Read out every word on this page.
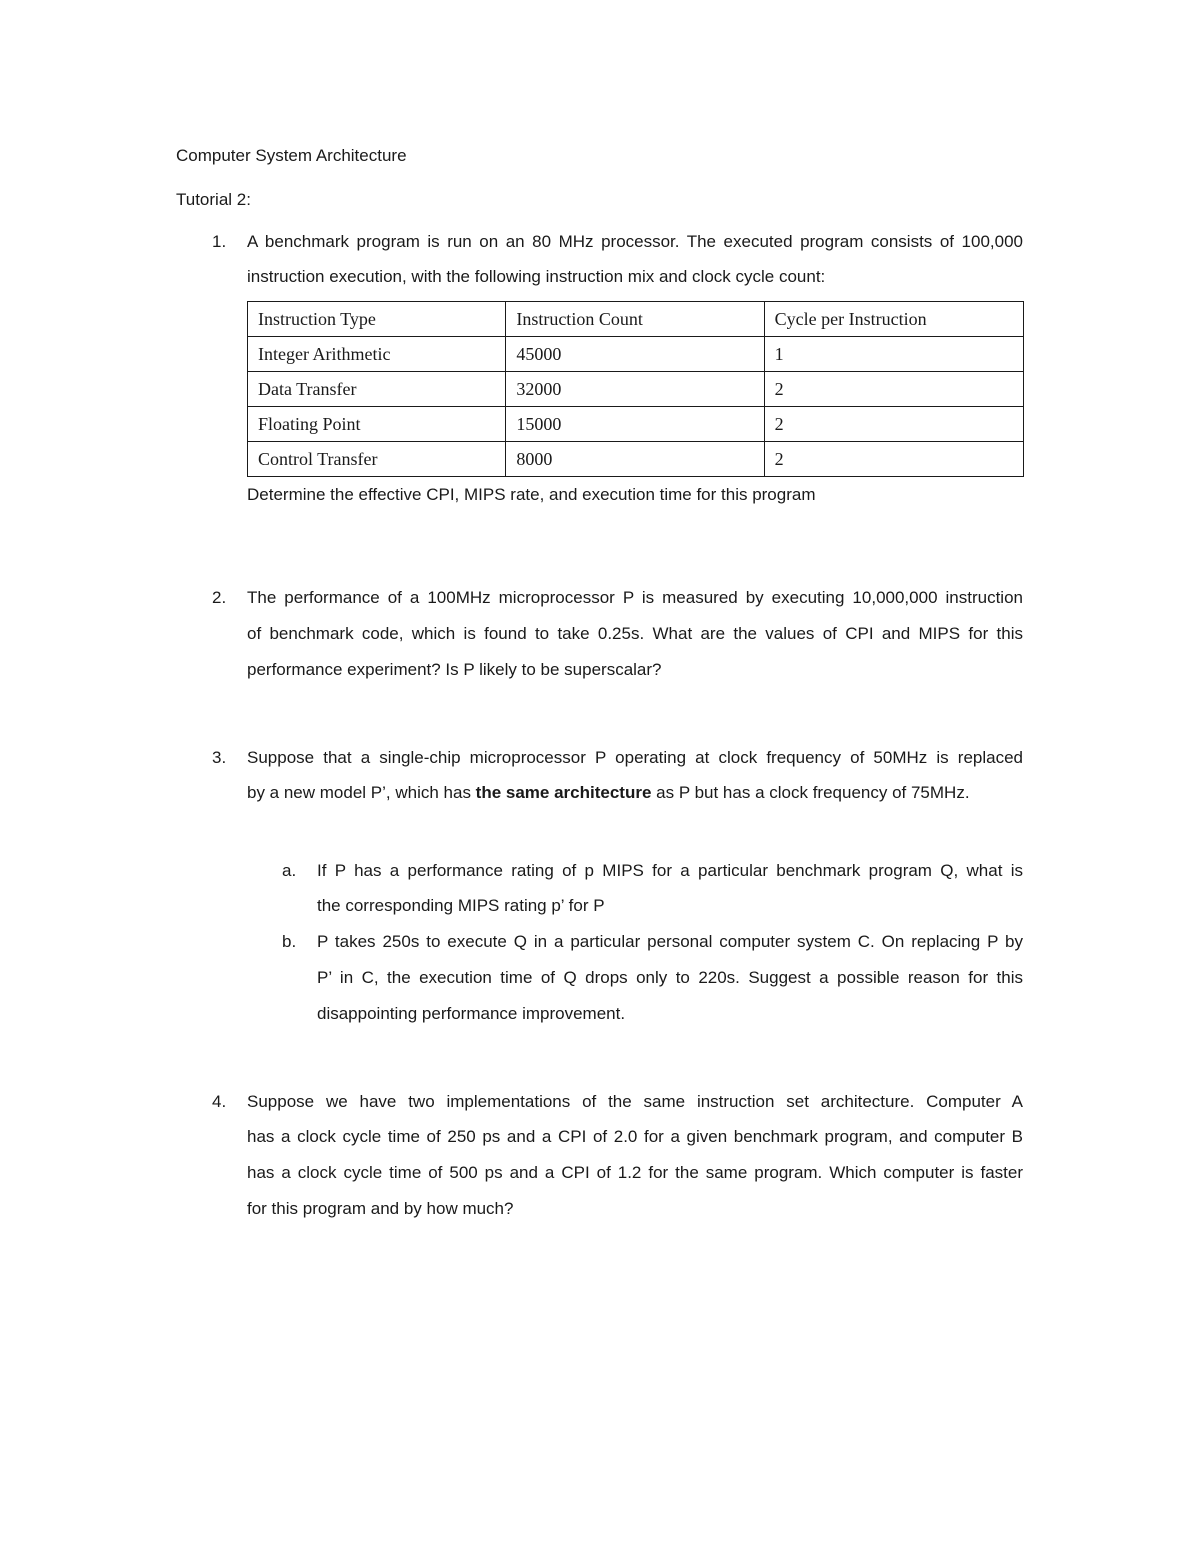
Computer System Architecture
Tutorial 2:
1. A benchmark program is run on an 80 MHz processor. The executed program consists of 100,000
instruction execution, with the following instruction mix and clock cycle count:
Instruction Type	Instruction Count	Cycle per Instruction
Integer Arithmetic	45000	1
Data Transfer	32000	2
Floating Point	15000	2
Control Transfer	8000	2
Determine the effective CPI, MIPS rate, and execution time for this program
2. The performance of a 100MHz microprocessor P is measured by executing 10,000,000 instruction
of benchmark code, which is found to take 0.25s. What are the values of CPI and MIPS for this
performance experiment? Is P likely to be superscalar?
3. Suppose that a single-chip microprocessor P operating at clock frequency of 50MHz is replaced
by a new model P’, which has the same architecture as P but has a clock frequency of 75MHz.
a. If P has a performance rating of p MIPS for a particular benchmark program Q, what is
the corresponding MIPS rating p’ for P
b. P takes 250s to execute Q in a particular personal computer system C. On replacing P by
P’ in C, the execution time of Q drops only to 220s. Suggest a possible reason for this
disappointing performance improvement.
4. Suppose we have two implementations of the same instruction set architecture. Computer A
has a clock cycle time of 250 ps and a CPI of 2.0 for a given benchmark program, and computer B
has a clock cycle time of 500 ps and a CPI of 1.2 for the same program. Which computer is faster
for this program and by how much?
